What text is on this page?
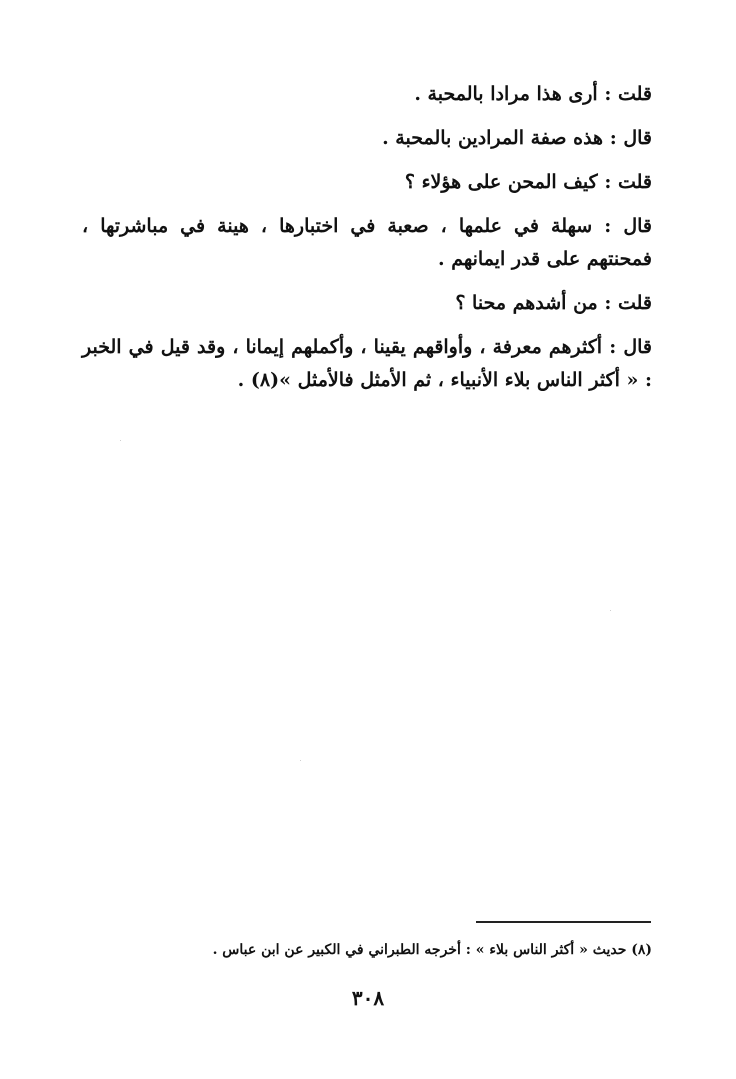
قلت : أرى هذا مرادا بالمحبة .

قال : هذه صفة المرادين بالمحبة .

قلت : كيف المحن على هؤلاء ؟

قال : سهلة في علمها ، صعبة في اختبارها ، هينة في مباشرتها ، فمحنتهم على قدر ايمانهم .

قلت : من أشدهم محنا ؟

قال : أكثرهم معرفة ، وأواقهم يقينا ، وأكملهم إيمانا ، وقد قيل في الخبر : « أكثر الناس بلاء الأنبياء ، ثم الأمثل فالأمثل »(٨) .

(٨) حديث « أكثر الناس بلاء » : أخرجه الطبراني في الكبير عن ابن عباس .
٣٠٨
